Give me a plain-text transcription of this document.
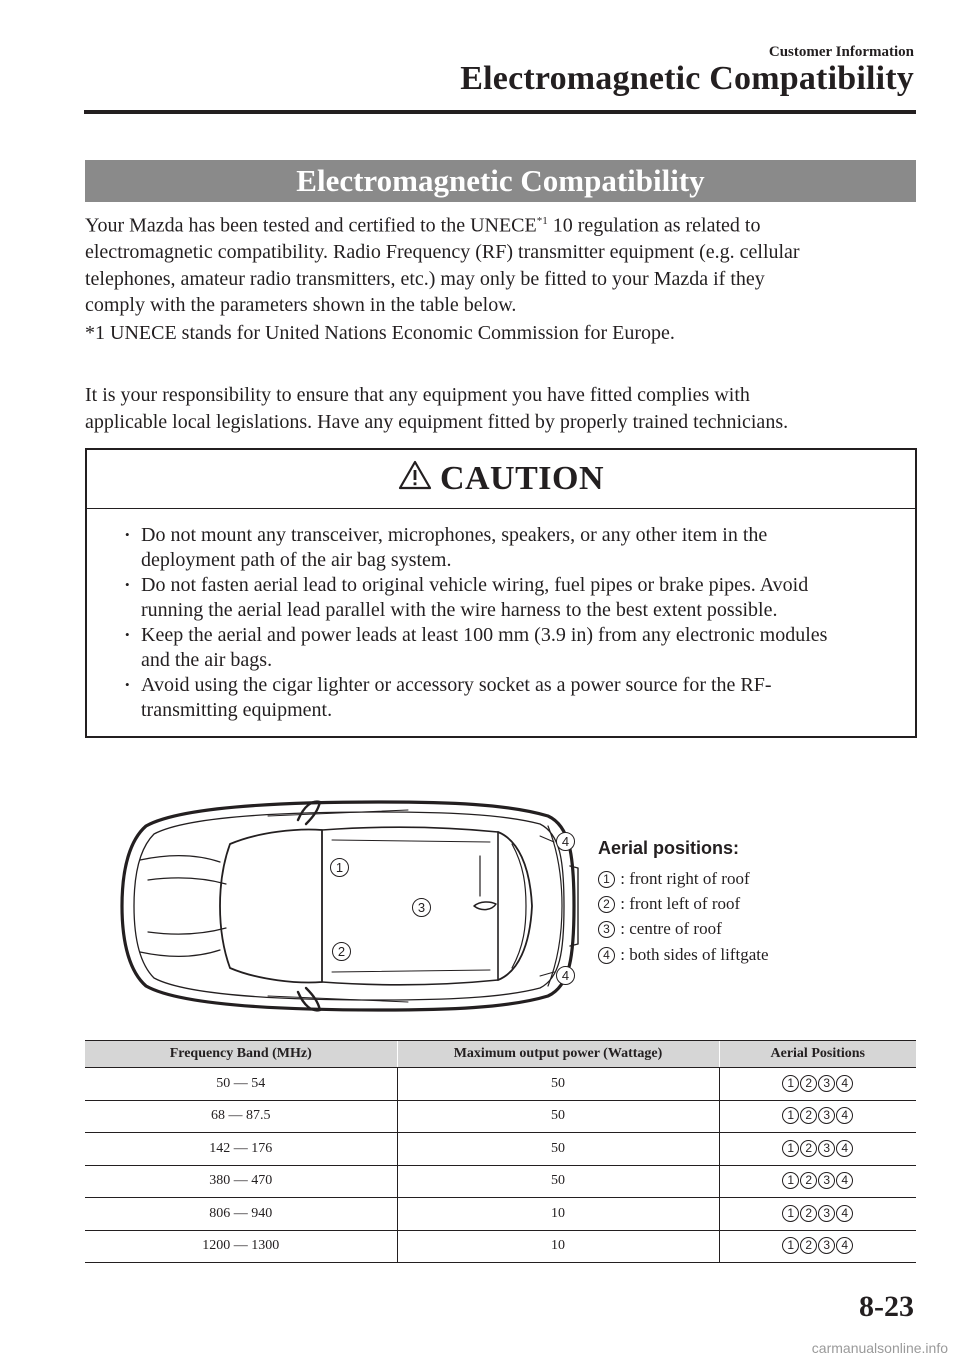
Customer Information
Electromagnetic Compatibility
Electromagnetic Compatibility
Your Mazda has been tested and certified to the UNECE$^{*1}$ 10 regulation as related to
electromagnetic compatibility. Radio Frequency (RF) transmitter equipment (e.g. cellular
telephones, amateur radio transmitters, etc.) may only be fitted to your Mazda if they
comply with the parameters shown in the table below.
*1 UNECE stands for United Nations Economic Commission for Europe.
It is your responsibility to ensure that any equipment you have fitted complies with
applicable local legislations. Have any equipment fitted by properly trained technicians.
CAUTION
• Do not mount any transceiver, microphones, speakers, or any other item in the
deployment path of the air bag system.
• Do not fasten aerial lead to original vehicle wiring, fuel pipes or brake pipes. Avoid
running the aerial lead parallel with the wire harness to the best extent possible.
• Keep the aerial and power leads at least 100 mm (3.9 in) from any electronic modules
and the air bags.
• Avoid using the cigar lighter or accessory socket as a power source for the RF-
transmitting equipment.
1
2
3
4
4
Aerial positions:
1 : front right of roof
2 : front left of roof
3 : centre of roof
4 : both sides of liftgate
Frequency Band (MHz)	Maximum output power (Wattage)	Aerial Positions
50 — 54	50	1 2 3 4
68 — 87.5	50	1 2 3 4
142 — 176	50	1 2 3 4
380 — 470	50	1 2 3 4
806 — 940	10	1 2 3 4
1200 — 1300	10	1 2 3 4
8-23
carmanualsonline.info
